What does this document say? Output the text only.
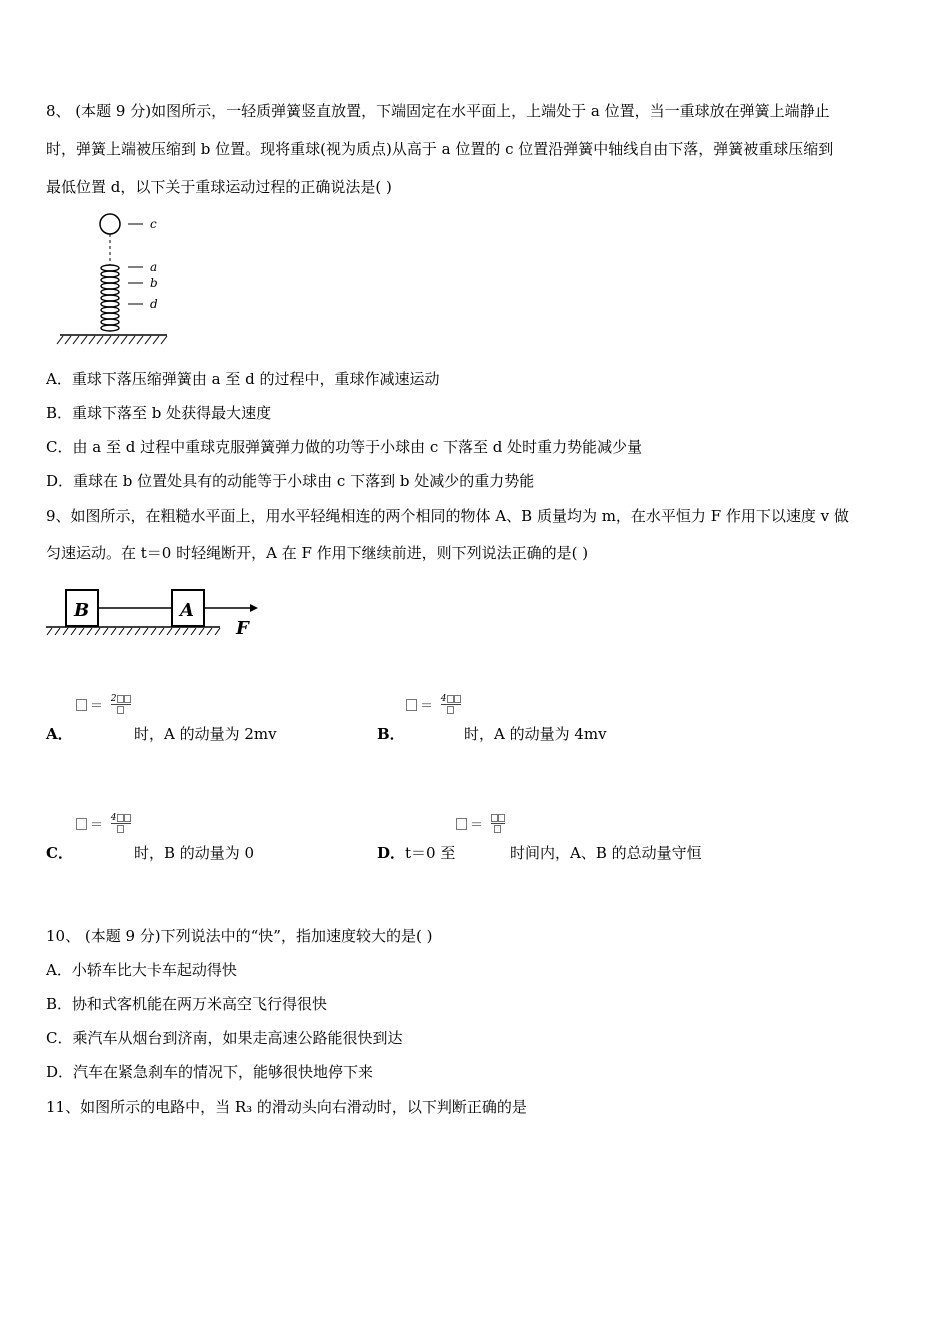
8、 (本题 9 分)如图所示，一轻质弹簧竖直放置，下端固定在水平面上，上端处于 a 位置，当一重球放在弹簧上端静止
时，弹簧上端被压缩到 b 位置。现将重球(视为质点)从高于 a 位置的 c 位置沿弹簧中轴线自由下落，弹簧被重球压缩到
最低位置 d，以下关于重球运动过程的正确说法是( )
c
a
b
d
A．重球下落压缩弹簧由 a 至 d 的过程中，重球作减速运动
B．重球下落至 b 处获得最大速度
C．由 a 至 d 过程中重球克服弹簧弹力做的功等于小球由 c 下落至 d 处时重力势能减少量
D．重球在 b 位置处具有的动能等于小球由 c 下落到 b 处减少的重力势能
9、如图所示，在粗糙水平面上，用水平轻绳相连的两个相同的物体 A、B 质量均为 m，在水平恒力 F 作用下以速度 v 做
匀速运动。在 t＝0 时轻绳断开，A 在 F 作用下继续前进，则下列说法正确的是( )
B	A
F
＝ 2
A．	时，A 的动量为 2mv
＝ 4
B．	时，A 的动量为 4mv
＝ 4
C．	时，B 的动量为 0
＝
D．t＝0 至	时间内，A、B 的总动量守恒
10、 (本题 9 分)下列说法中的“快”，指加速度较大的是( )
A．小轿车比大卡车起动得快
B．协和式客机能在两万米高空飞行得很快
C．乘汽车从烟台到济南，如果走高速公路能很快到达
D．汽车在紧急刹车的情况下，能够很快地停下来
11、如图所示的电路中，当 R₃ 的滑动头向右滑动时，以下判断正确的是
